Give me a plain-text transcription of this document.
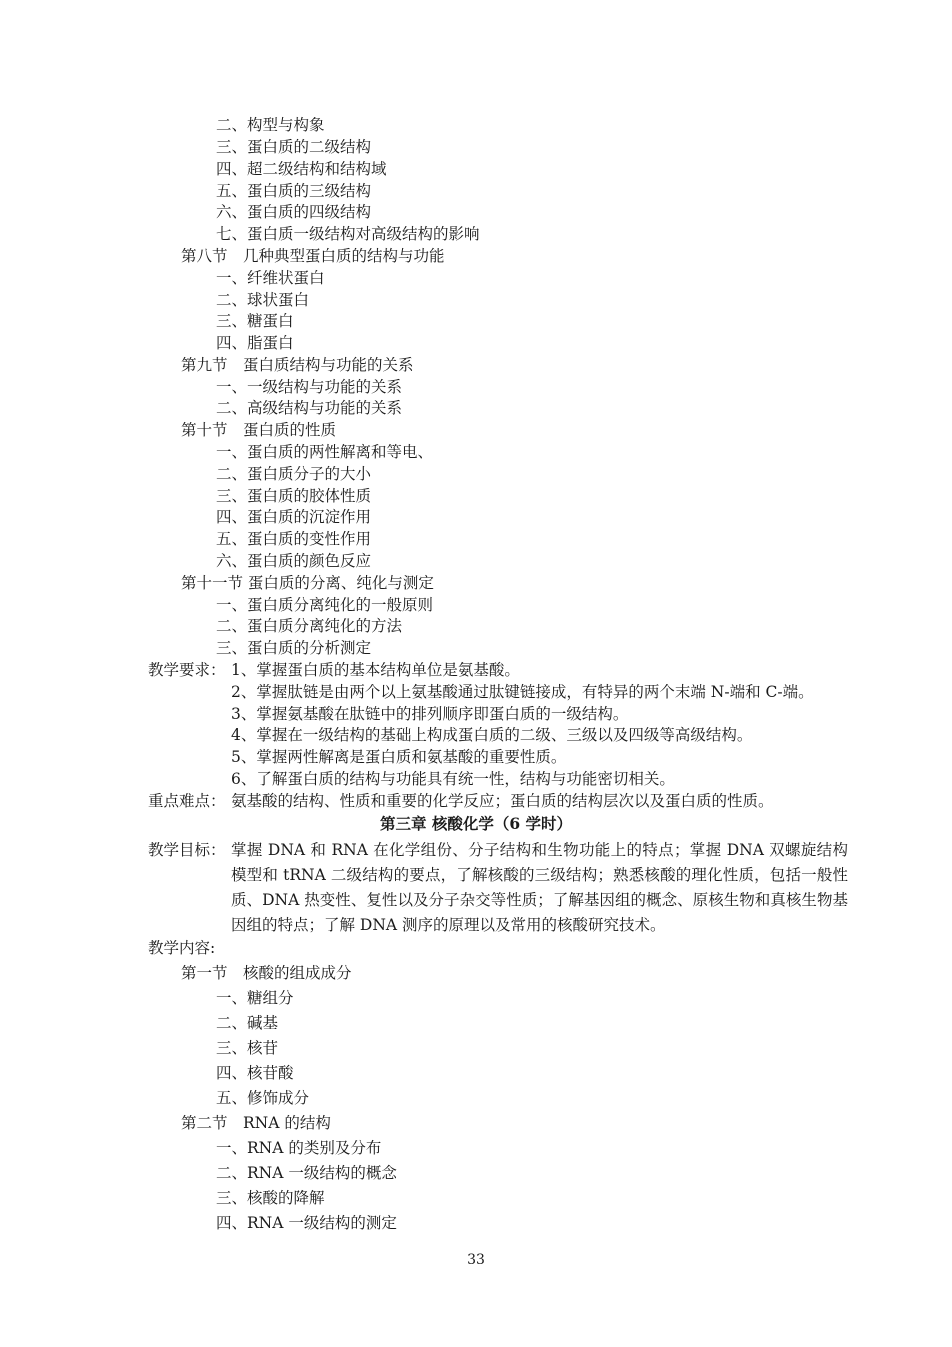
二、构型与构象
三、蛋白质的二级结构
四、超二级结构和结构域
五、蛋白质的三级结构
六、蛋白质的四级结构
七、蛋白质一级结构对高级结构的影响
第八节　几种典型蛋白质的结构与功能
一、纤维状蛋白
二、球状蛋白
三、糖蛋白
四、脂蛋白
第九节　蛋白质结构与功能的关系
一、一级结构与功能的关系
二、高级结构与功能的关系
第十节　蛋白质的性质
一、蛋白质的两性解离和等电、
二、蛋白质分子的大小
三、蛋白质的胶体性质
四、蛋白质的沉淀作用
五、蛋白质的变性作用
六、蛋白质的颜色反应
第十一节 蛋白质的分离、纯化与测定
一、蛋白质分离纯化的一般原则
二、蛋白质分离纯化的方法
三、蛋白质的分析测定
教学要求： 1、掌握蛋白质的基本结构单位是氨基酸。
2、掌握肽链是由两个以上氨基酸通过肽键链接成，有特异的两个末端 N-端和 C-端。
3、掌握氨基酸在肽链中的排列顺序即蛋白质的一级结构。
4、掌握在一级结构的基础上构成蛋白质的二级、三级以及四级等高级结构。
5、掌握两性解离是蛋白质和氨基酸的重要性质。
6、了解蛋白质的结构与功能具有统一性，结构与功能密切相关。
重点难点： 氨基酸的结构、性质和重要的化学反应；蛋白质的结构层次以及蛋白质的性质。
第三章 核酸化学（6 学时）
教学目标： 掌握 DNA 和 RNA 在化学组份、分子结构和生物功能上的特点；掌握 DNA 双螺旋结构模型和 tRNA 二级结构的要点，了解核酸的三级结构；熟悉核酸的理化性质，包括一般性质、DNA 热变性、复性以及分子杂交等性质；了解基因组的概念、原核生物和真核生物基因组的特点；了解 DNA 测序的原理以及常用的核酸研究技术。
教学内容:
第一节　核酸的组成成分
一、糖组分
二、碱基
三、核苷
四、核苷酸
五、修饰成分
第二节　RNA 的结构
一、RNA 的类别及分布
二、RNA 一级结构的概念
三、核酸的降解
四、RNA 一级结构的测定
33
